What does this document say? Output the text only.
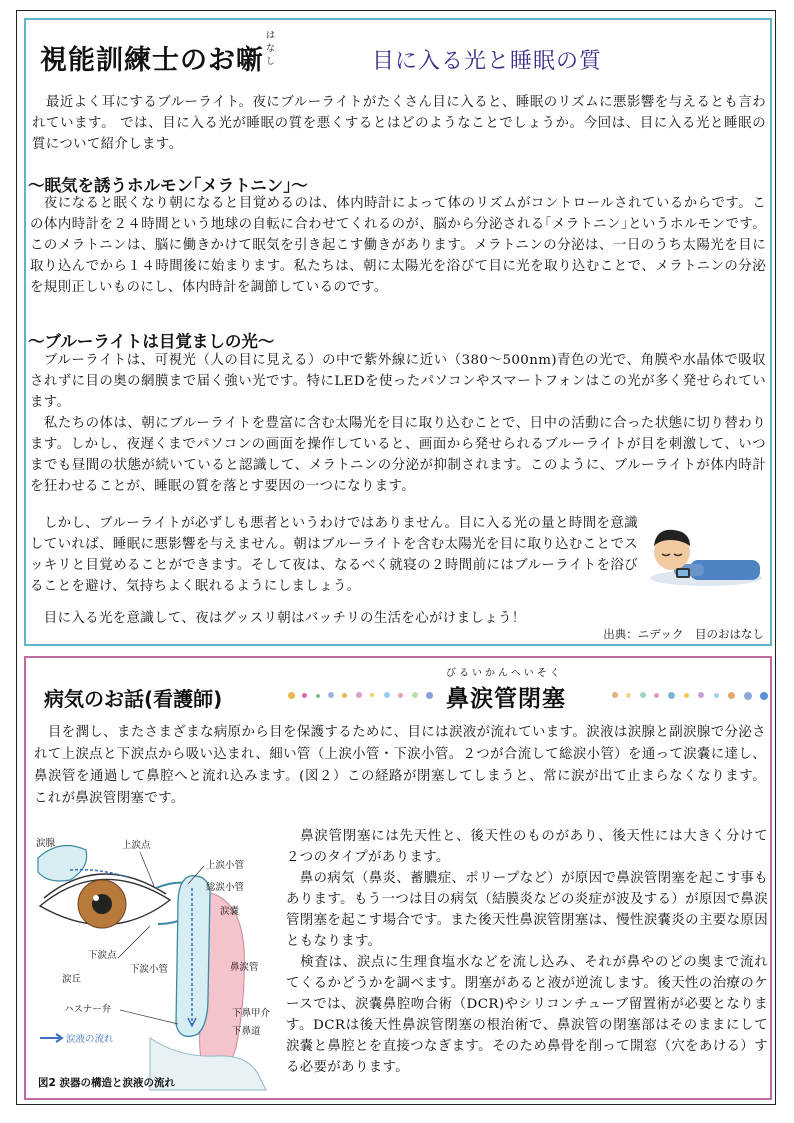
視能訓練士のお噺
はなし	目に入る光と睡眠の質

　最近よく耳にするブルーライト。夜にブルーライトがたくさん目に入ると、睡眠のリズムに悪影響を与えるとも言われています。 では、目に入る光が睡眠の質を悪くするとはどのようなことでしょうか。今回は、目に入る光と睡眠の質について紹介します。

〜眠気を誘うホルモン｢メラトニン｣〜

　夜になると眠くなり朝になると目覚めるのは、体内時計によって体のリズムがコントロールされているからです。この体内時計を２４時間という地球の自転に合わせてくれるのが、脳から分泌される｢メラトニン｣というホルモンです。 このメラトニンは、脳に働きかけて眠気を引き起こす働きがあります。メラトニンの分泌は、一日のうち太陽光を目に取り込んでから１４時間後に始まります。私たちは、朝に太陽光を浴びて目に光を取り込むことで、メラトニンの分泌を規則正しいものにし、体内時計を調節しているのです。

〜ブルーライトは目覚ましの光〜

　ブルーライトは、可視光（人の目に見える）の中で紫外線に近い（380〜500nm)青色の光で、角膜や水晶体で吸収されずに目の奥の網膜まで届く強い光です。特にLEDを使ったパソコンやスマートフォンはこの光が多く発せられています。

　私たちの体は、朝にブルーライトを豊富に含む太陽光を目に取り込むことで、日中の活動に合った状態に切り替わります。しかし、夜遅くまでパソコンの画面を操作していると、画面から発せられるブルーライトが目を刺激して、いつまでも昼間の状態が続いていると認識して、メラトニンの分泌が抑制されます。このように、ブルーライトが体内時計を狂わせることが、睡眠の質を落とす要因の一つになります。

　しかし、ブルーライトが必ずしも悪者というわけではありません。目に入る光の量と時間を意識していれば、睡眠に悪影響を与えません。朝はブルーライトを含む太陽光を目に取り込むことでスッキリと目覚めることができます。そして夜は、なるべく就寝の２時間前にはブルーライトを浴びることを避け、気持ちよく眠れるようにしましょう。

　目に入る光を意識して、夜はグッスリ朝はバッチリの生活を心がけましょう！

出典：ニデック　目のおはなし
病気のお話(看護師)
びるいかんへいそく
鼻涙管閉塞

　目を潤し、またさまざまな病原から目を保護するために、目には涙液が流れています。涙液は涙腺と副涙腺で分泌されて上涙点と下涙点から吸い込まれ、細い管（上涙小管・下涙小管。２つが合流して総涙小管）を通って涙嚢に達し、鼻涙管を通過して鼻腔へと流れ込みます。(図２）この経路が閉塞してしまうと、常に涙が出て止まらなくなります。これが鼻涙管閉塞です。

　鼻涙管閉塞には先天性と、後天性のものがあり、後天性には大きく分けて２つのタイプがあります。

　鼻の病気（鼻炎、蓄膿症、ポリープなど）が原因で鼻涙管閉塞を起こす事もあります。もう一つは目の病気（結膜炎などの炎症が波及する）が原因で鼻涙管閉塞を起こす場合です。また後天性鼻涙管閉塞は、慢性涙嚢炎の主要な原因ともなります。

　検査は、涙点に生理食塩水などを流し込み、それが鼻やのどの奥まで流れてくるかどうかを調べます。閉塞があると液が逆流します。後天性の治療のケースでは、涙嚢鼻腔吻合術（DCR)やシリコンチューブ留置術が必要となります。DCRは後天性鼻涙管閉塞の根治術で、鼻涙管の閉塞部はそのままにして涙嚢と鼻腔とを直接つなぎます。そのため鼻骨を削って開窓（穴をあける）する必要があります。

涙腺	上涙点
上涙小管
総涙小管
涙嚢
下涙点
下涙小管
涙丘
鼻涙管
ハスナー弁	下鼻甲介
下鼻道
涙液の流れ
図2 涙器の構造と涙液の流れ
